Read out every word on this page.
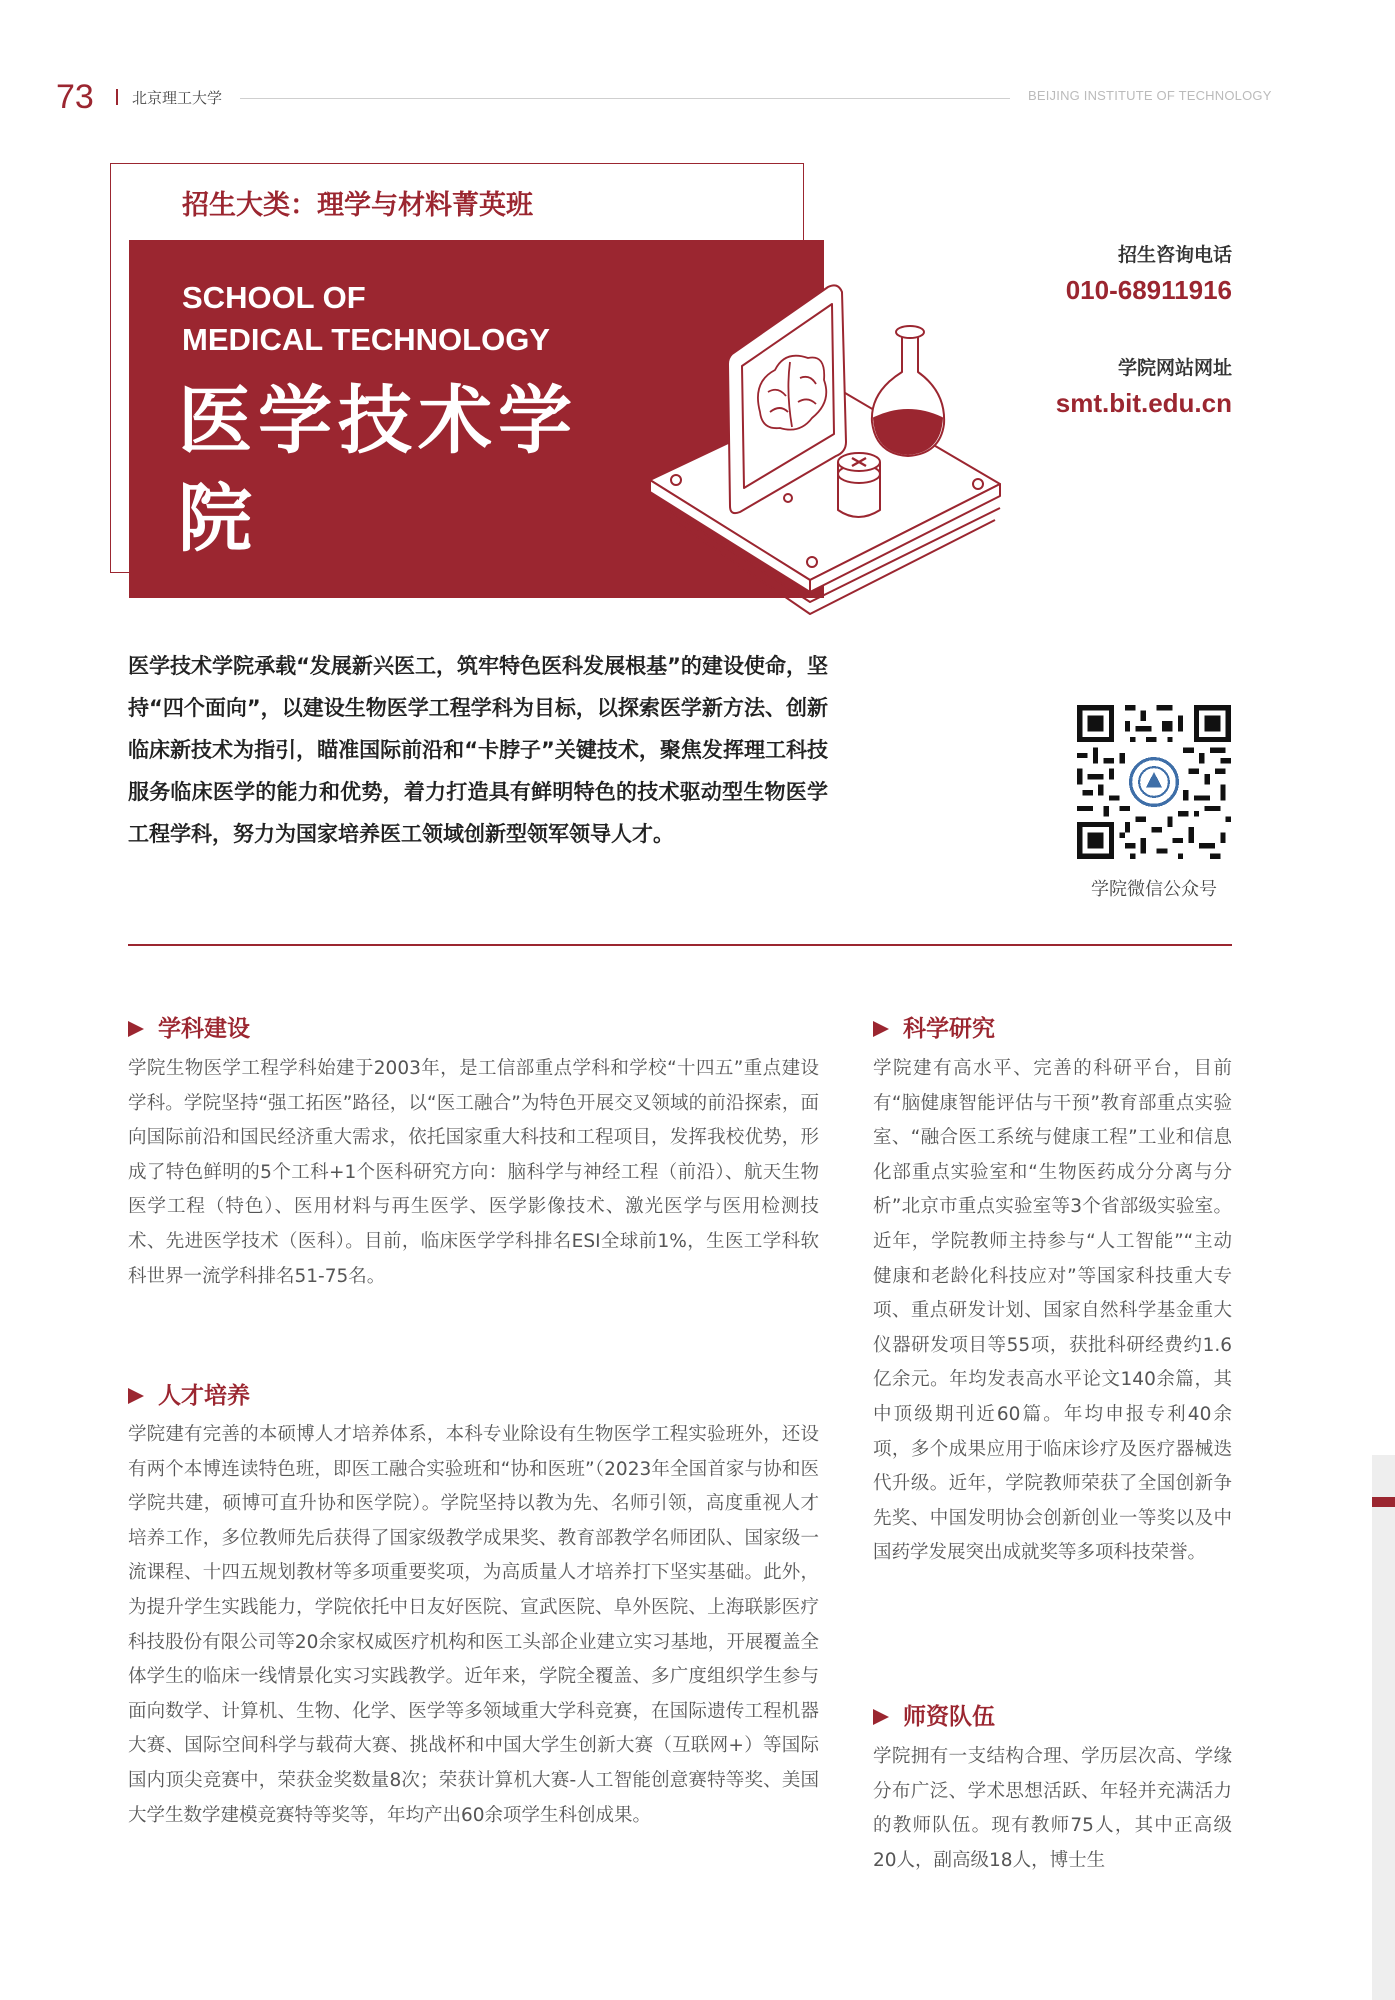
73	北京理工大学	BEIJING INSTITUTE OF TECHNOLOGY
招生大类：理学与材料菁英班
SCHOOL OF
MEDICAL TECHNOLOGY
医学技术学院
招生咨询电话
010-68911916
学院网站网址
smt.bit.edu.cn
医学技术学院承载“发展新兴医工，筑牢特色医科发展根基”的建设使命，坚持“四个面向”，以建设生物医学工程学科为目标，以探索医学新方法、创新临床新技术为指引，瞄准国际前沿和“卡脖子”关键技术，聚焦发挥理工科技服务临床医学的能力和优势，着力打造具有鲜明特色的技术驱动型生物医学工程学科，努力为国家培养医工领域创新型领军领导人才。
学院微信公众号
学科建设
学院生物医学工程学科始建于2003年，是工信部重点学科和学校“十四五”重点建设学科。学院坚持“强工拓医”路径，以“医工融合”为特色开展交叉领域的前沿探索，面向国际前沿和国民经济重大需求，依托国家重大科技和工程项目，发挥我校优势，形成了特色鲜明的5个工科+1个医科研究方向：脑科学与神经工程（前沿）、航天生物医学工程（特色）、医用材料与再生医学、医学影像技术、激光医学与医用检测技术、先进医学技术（医科）。目前，临床医学学科排名ESI全球前1%，生医工学科软科世界一流学科排名51-75名。
人才培养
学院建有完善的本硕博人才培养体系，本科专业除设有生物医学工程实验班外，还设有两个本博连读特色班，即医工融合实验班和“协和医班”（2023年全国首家与协和医学院共建，硕博可直升协和医学院）。学院坚持以教为先、名师引领，高度重视人才培养工作，多位教师先后获得了国家级教学成果奖、教育部教学名师团队、国家级一流课程、十四五规划教材等多项重要奖项，为高质量人才培养打下坚实基础。此外，为提升学生实践能力，学院依托中日友好医院、宣武医院、阜外医院、上海联影医疗科技股份有限公司等20余家权威医疗机构和医工头部企业建立实习基地，开展覆盖全体学生的临床一线情景化实习实践教学。近年来，学院全覆盖、多广度组织学生参与面向数学、计算机、生物、化学、医学等多领域重大学科竞赛，在国际遗传工程机器大赛、国际空间科学与载荷大赛、挑战杯和中国大学生创新大赛（互联网+）等国际国内顶尖竞赛中，荣获金奖数量8次；荣获计算机大赛-人工智能创意赛特等奖、美国大学生数学建模竞赛特等奖等，年均产出60余项学生科创成果。
科学研究
学院建有高水平、完善的科研平台，目前有“脑健康智能评估与干预”教育部重点实验室、“融合医工系统与健康工程”工业和信息化部重点实验室和“生物医药成分分离与分析”北京市重点实验室等3个省部级实验室。近年，学院教师主持参与“人工智能”“主动健康和老龄化科技应对”等国家科技重大专项、重点研发计划、国家自然科学基金重大仪器研发项目等55项，获批科研经费约1.6亿余元。年均发表高水平论文140余篇，其中顶级期刊近60篇。年均申报专利40余项，多个成果应用于临床诊疗及医疗器械迭代升级。近年，学院教师荣获了全国创新争先奖、中国发明协会创新创业一等奖以及中国药学发展突出成就奖等多项科技荣誉。
师资队伍
学院拥有一支结构合理、学历层次高、学缘分布广泛、学术思想活跃、年轻并充满活力的教师队伍。现有教师75人，其中正高级20人，副高级18人，博士生
